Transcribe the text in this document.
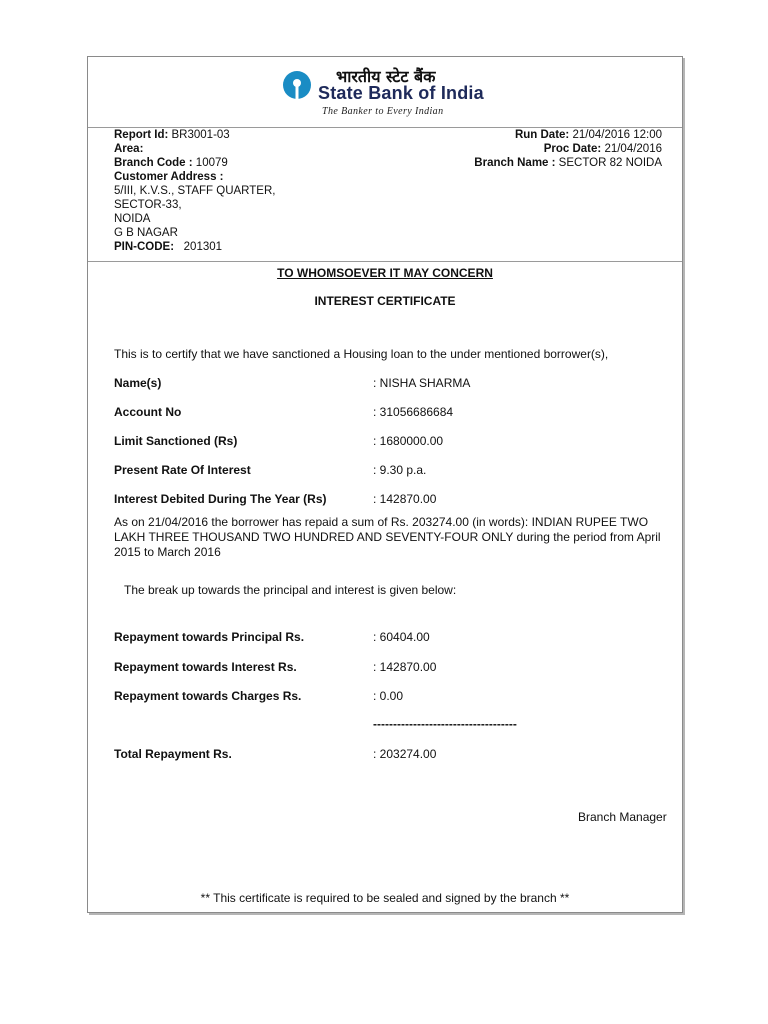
भारतीय स्टेट बैंक
State Bank of India
The Banker to Every Indian
Report Id: BR3001-03
Area:
Branch Code : 10079
Customer Address :
5/III, K.V.S., STAFF QUARTER,
SECTOR-33,
NOIDA
G B NAGAR
PIN-CODE: 201301
Run Date: 21/04/2016 12:00
Proc Date: 21/04/2016
Branch Name : SECTOR 82 NOIDA
TO WHOMSOEVER IT MAY CONCERN
INTEREST CERTIFICATE
This is to certify that we have sanctioned a Housing loan to the under mentioned borrower(s),
Name(s)	: NISHA SHARMA
Account No	: 31056686684
Limit Sanctioned (Rs)	: 1680000.00
Present Rate Of Interest	: 9.30 p.a.
Interest Debited During The Year (Rs)	: 142870.00
As on 21/04/2016 the borrower has repaid a sum of Rs. 203274.00 (in words): INDIAN RUPEE TWO LAKH THREE THOUSAND TWO HUNDRED AND SEVENTY-FOUR ONLY during the period from April 2015 to March 2016
The break up towards the principal and interest is given below:
Repayment towards Principal Rs.	: 60404.00
Repayment towards Interest Rs.	: 142870.00
Repayment towards Charges Rs.	: 0.00
------------------------------------
Total Repayment Rs.	: 203274.00
Branch Manager
** This certificate is required to be sealed and signed by the branch **
